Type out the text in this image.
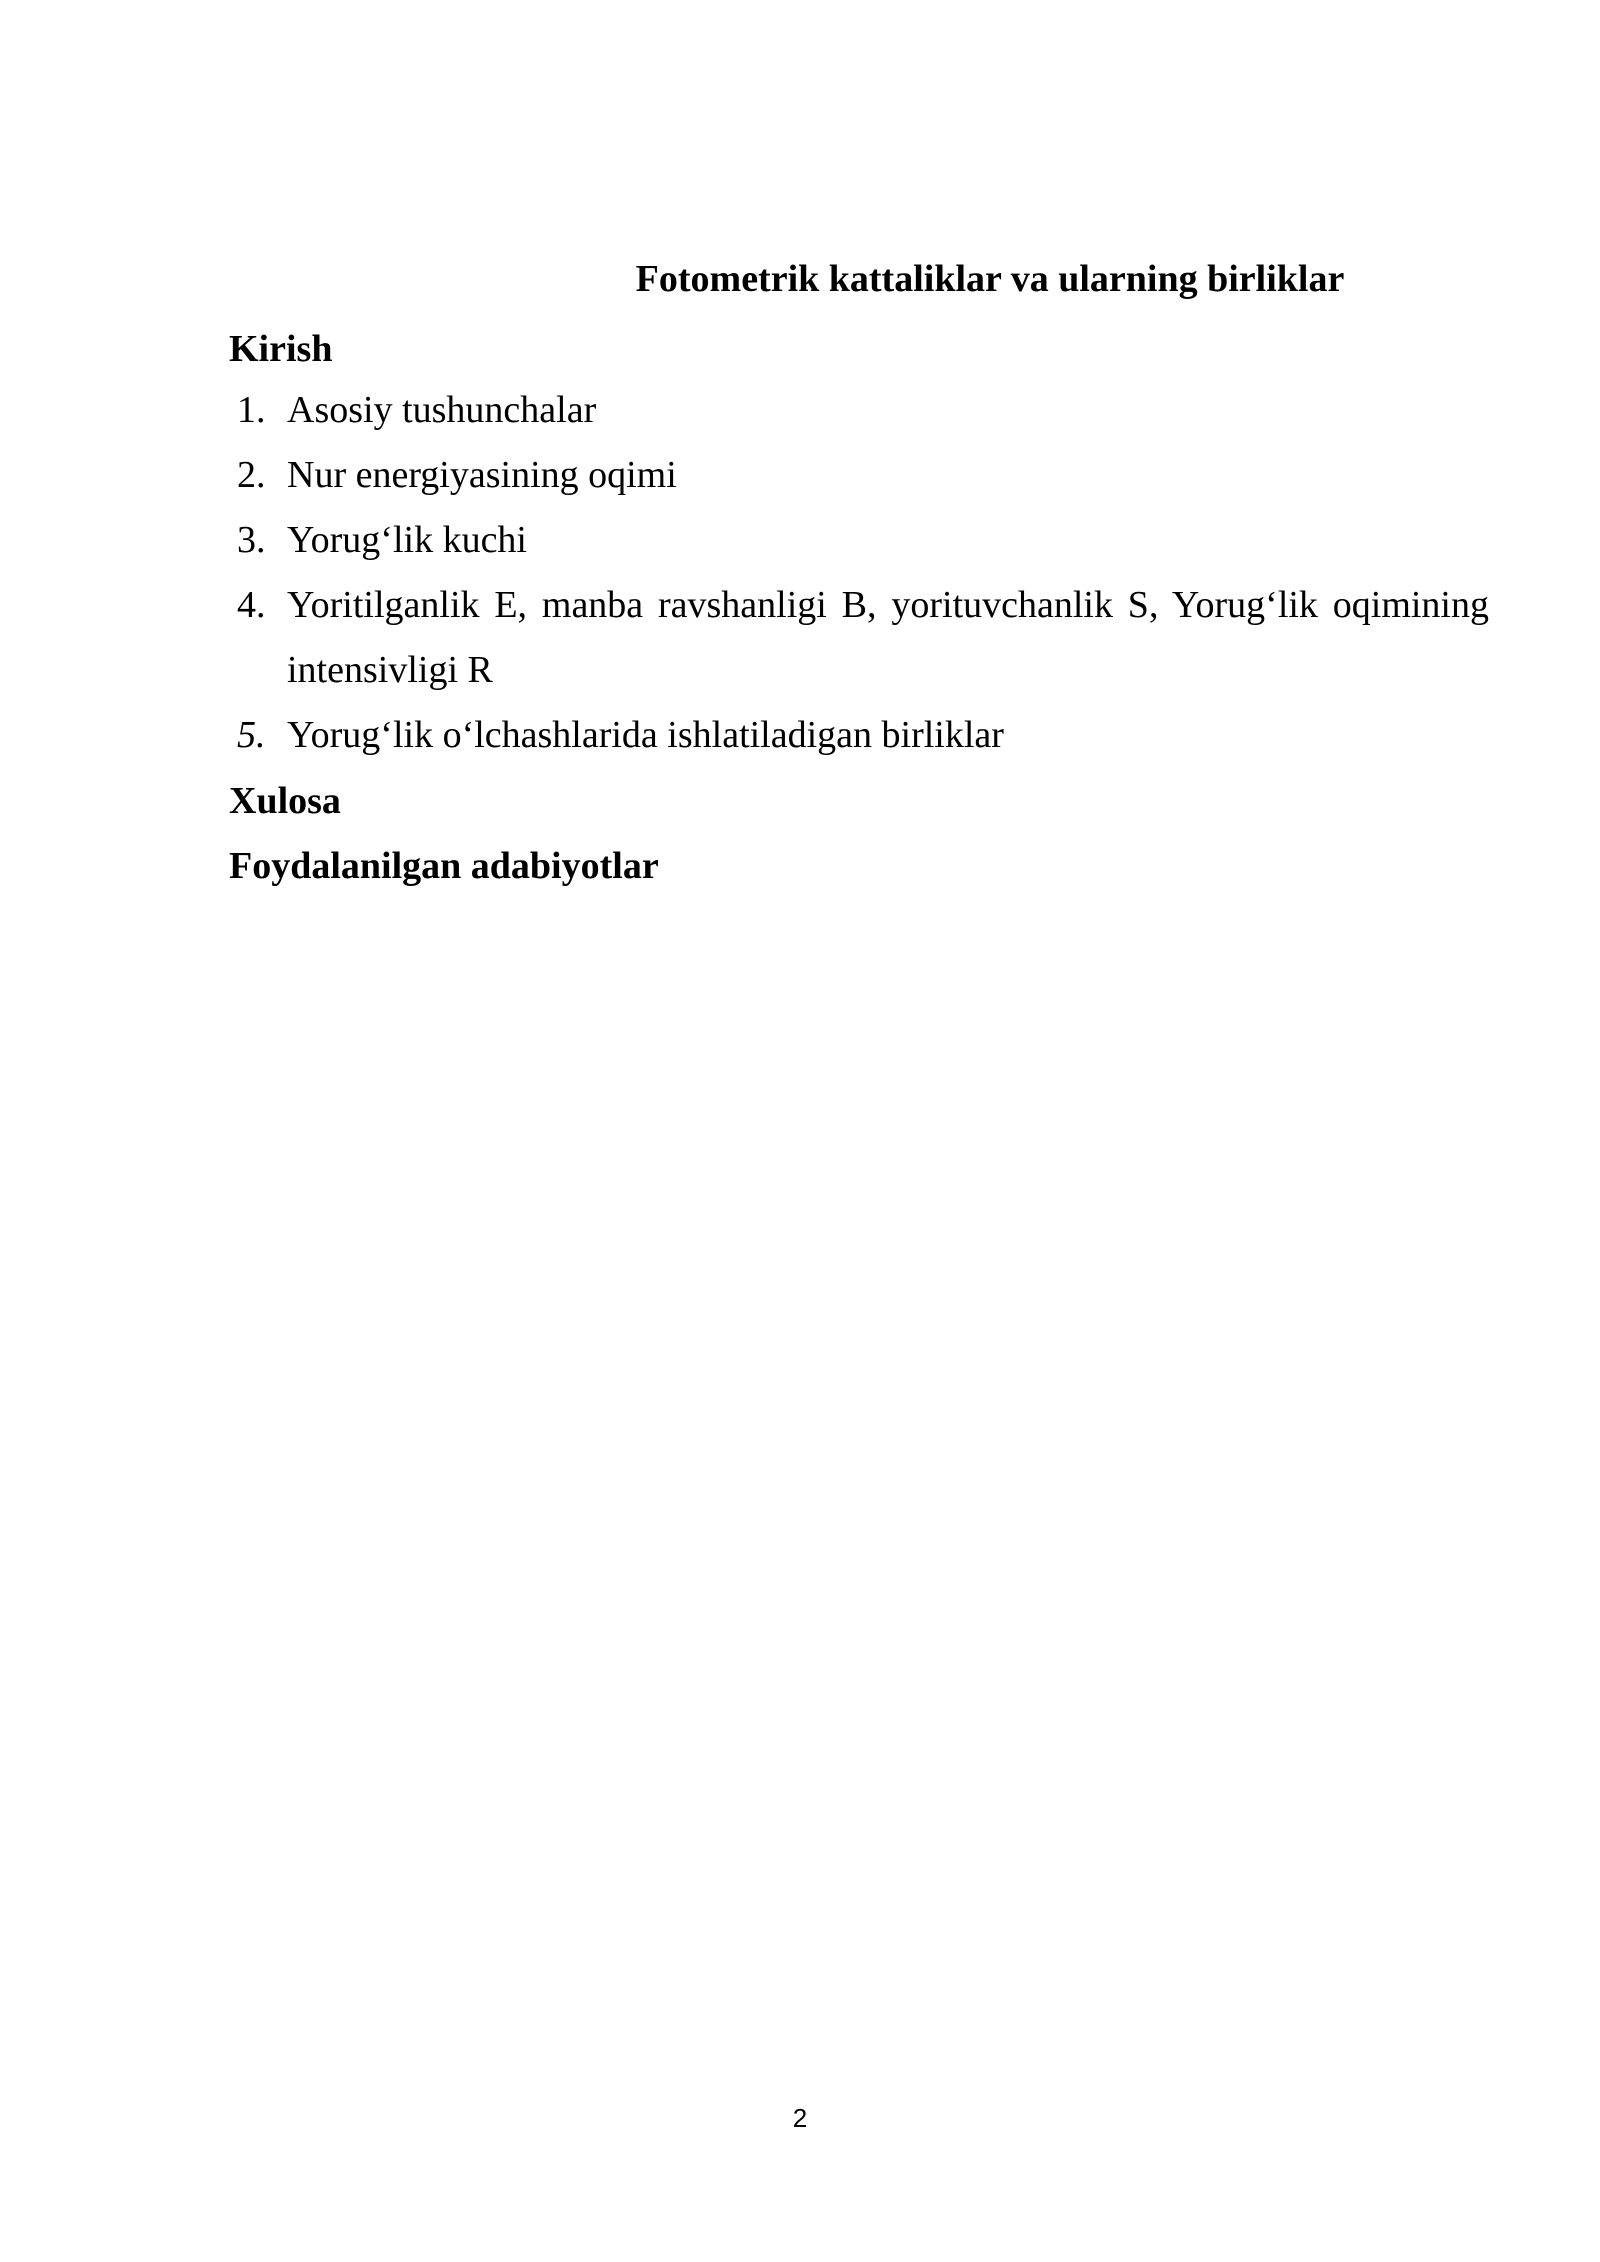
Fotometrik kattaliklar va ularning birliklar
Kirish
1. Asosiy tushunchalar
2. Nur energiyasining oqimi
3. Yorug‘lik kuchi
4. Yoritilganlik E, manba ravshanligi B, yorituvchanlik S, Yorug‘lik oqimining intensivligi R
5. Yorug‘lik o‘lchashlarida ishlatiladigan birliklar
Xulosa
Foydalanilgan adabiyotlar
2
